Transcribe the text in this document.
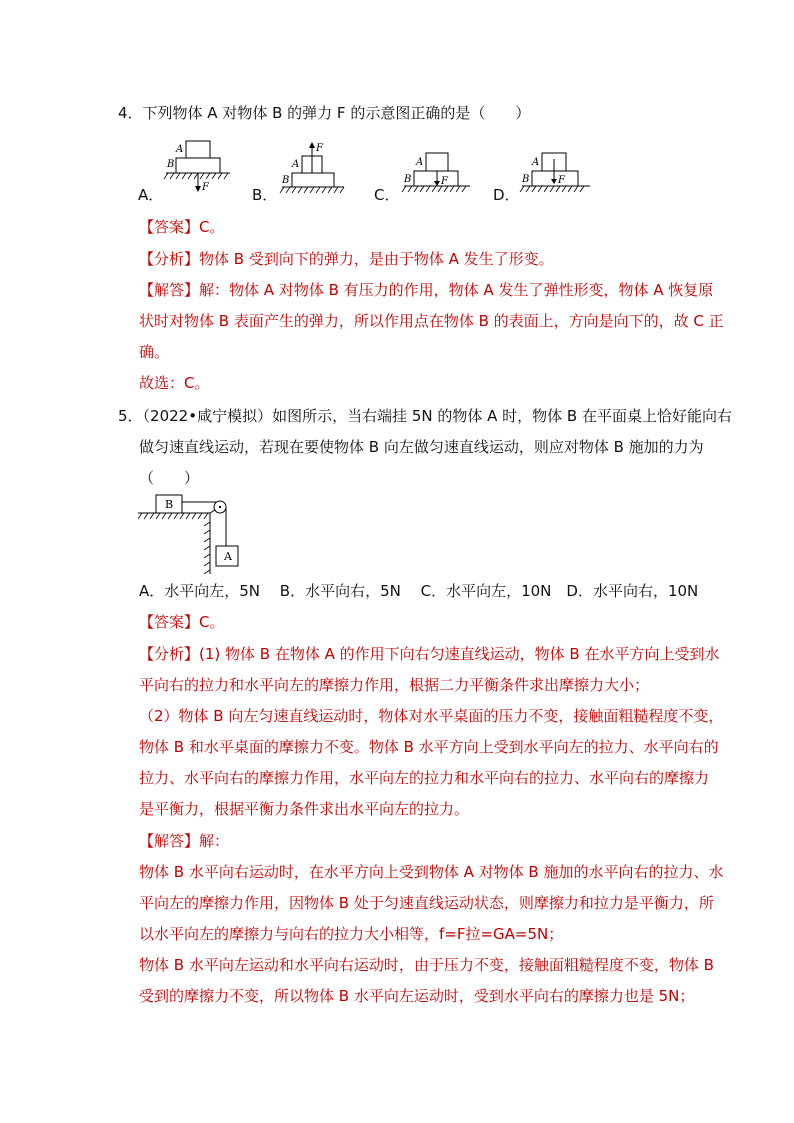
4．下列物体 A 对物体 B 的弹力 F 的示意图正确的是（　　）
A
B
F
A
B
F
A
B	F
A
B	F
A．	B．	C．	D．
【答案】C。
【分析】物体 B 受到向下的弹力，是由于物体 A 发生了形变。
【解答】解：物体 A 对物体 B 有压力的作用，物体 A 发生了弹性形变，物体 A 恢复原
状时对物体 B 表面产生的弹力，所以作用点在物体 B 的表面上，方向是向下的，故 C 正
确。
故选：C。
5．（2022•咸宁模拟）如图所示，当右端挂 5N 的物体 A 时，物体 B 在平面桌上恰好能向右
做匀速直线运动，若现在要使物体 B 向左做匀速直线运动，则应对物体 B 施加的力为
（　　）
B
A
A．水平向左，5N　 B．水平向右，5N　 C．水平向左，10N　D．水平向右，10N
【答案】C。
【分析】(1) 物体 B 在物体 A 的作用下向右匀速直线运动，物体 B 在水平方向上受到水
平向右的拉力和水平向左的摩擦力作用，根据二力平衡条件求出摩擦力大小；
（2）物体 B 向左匀速直线运动时，物体对水平桌面的压力不变，接触面粗糙程度不变，
物体 B 和水平桌面的摩擦力不变。物体 B 水平方向上受到水平向左的拉力、水平向右的
拉力、水平向右的摩擦力作用，水平向左的拉力和水平向右的拉力、水平向右的摩擦力
是平衡力，根据平衡力条件求出水平向左的拉力。
【解答】解：
物体 B 水平向右运动时，在水平方向上受到物体 A 对物体 B 施加的水平向右的拉力、水
平向左的摩擦力作用，因物体 B 处于匀速直线运动状态，则摩擦力和拉力是平衡力，所
以水平向左的摩擦力与向右的拉力大小相等，f=F拉=GA=5N；
物体 B 水平向左运动和水平向右运动时，由于压力不变，接触面粗糙程度不变，物体 B
受到的摩擦力不变，所以物体 B 水平向左运动时，受到水平向右的摩擦力也是 5N；
